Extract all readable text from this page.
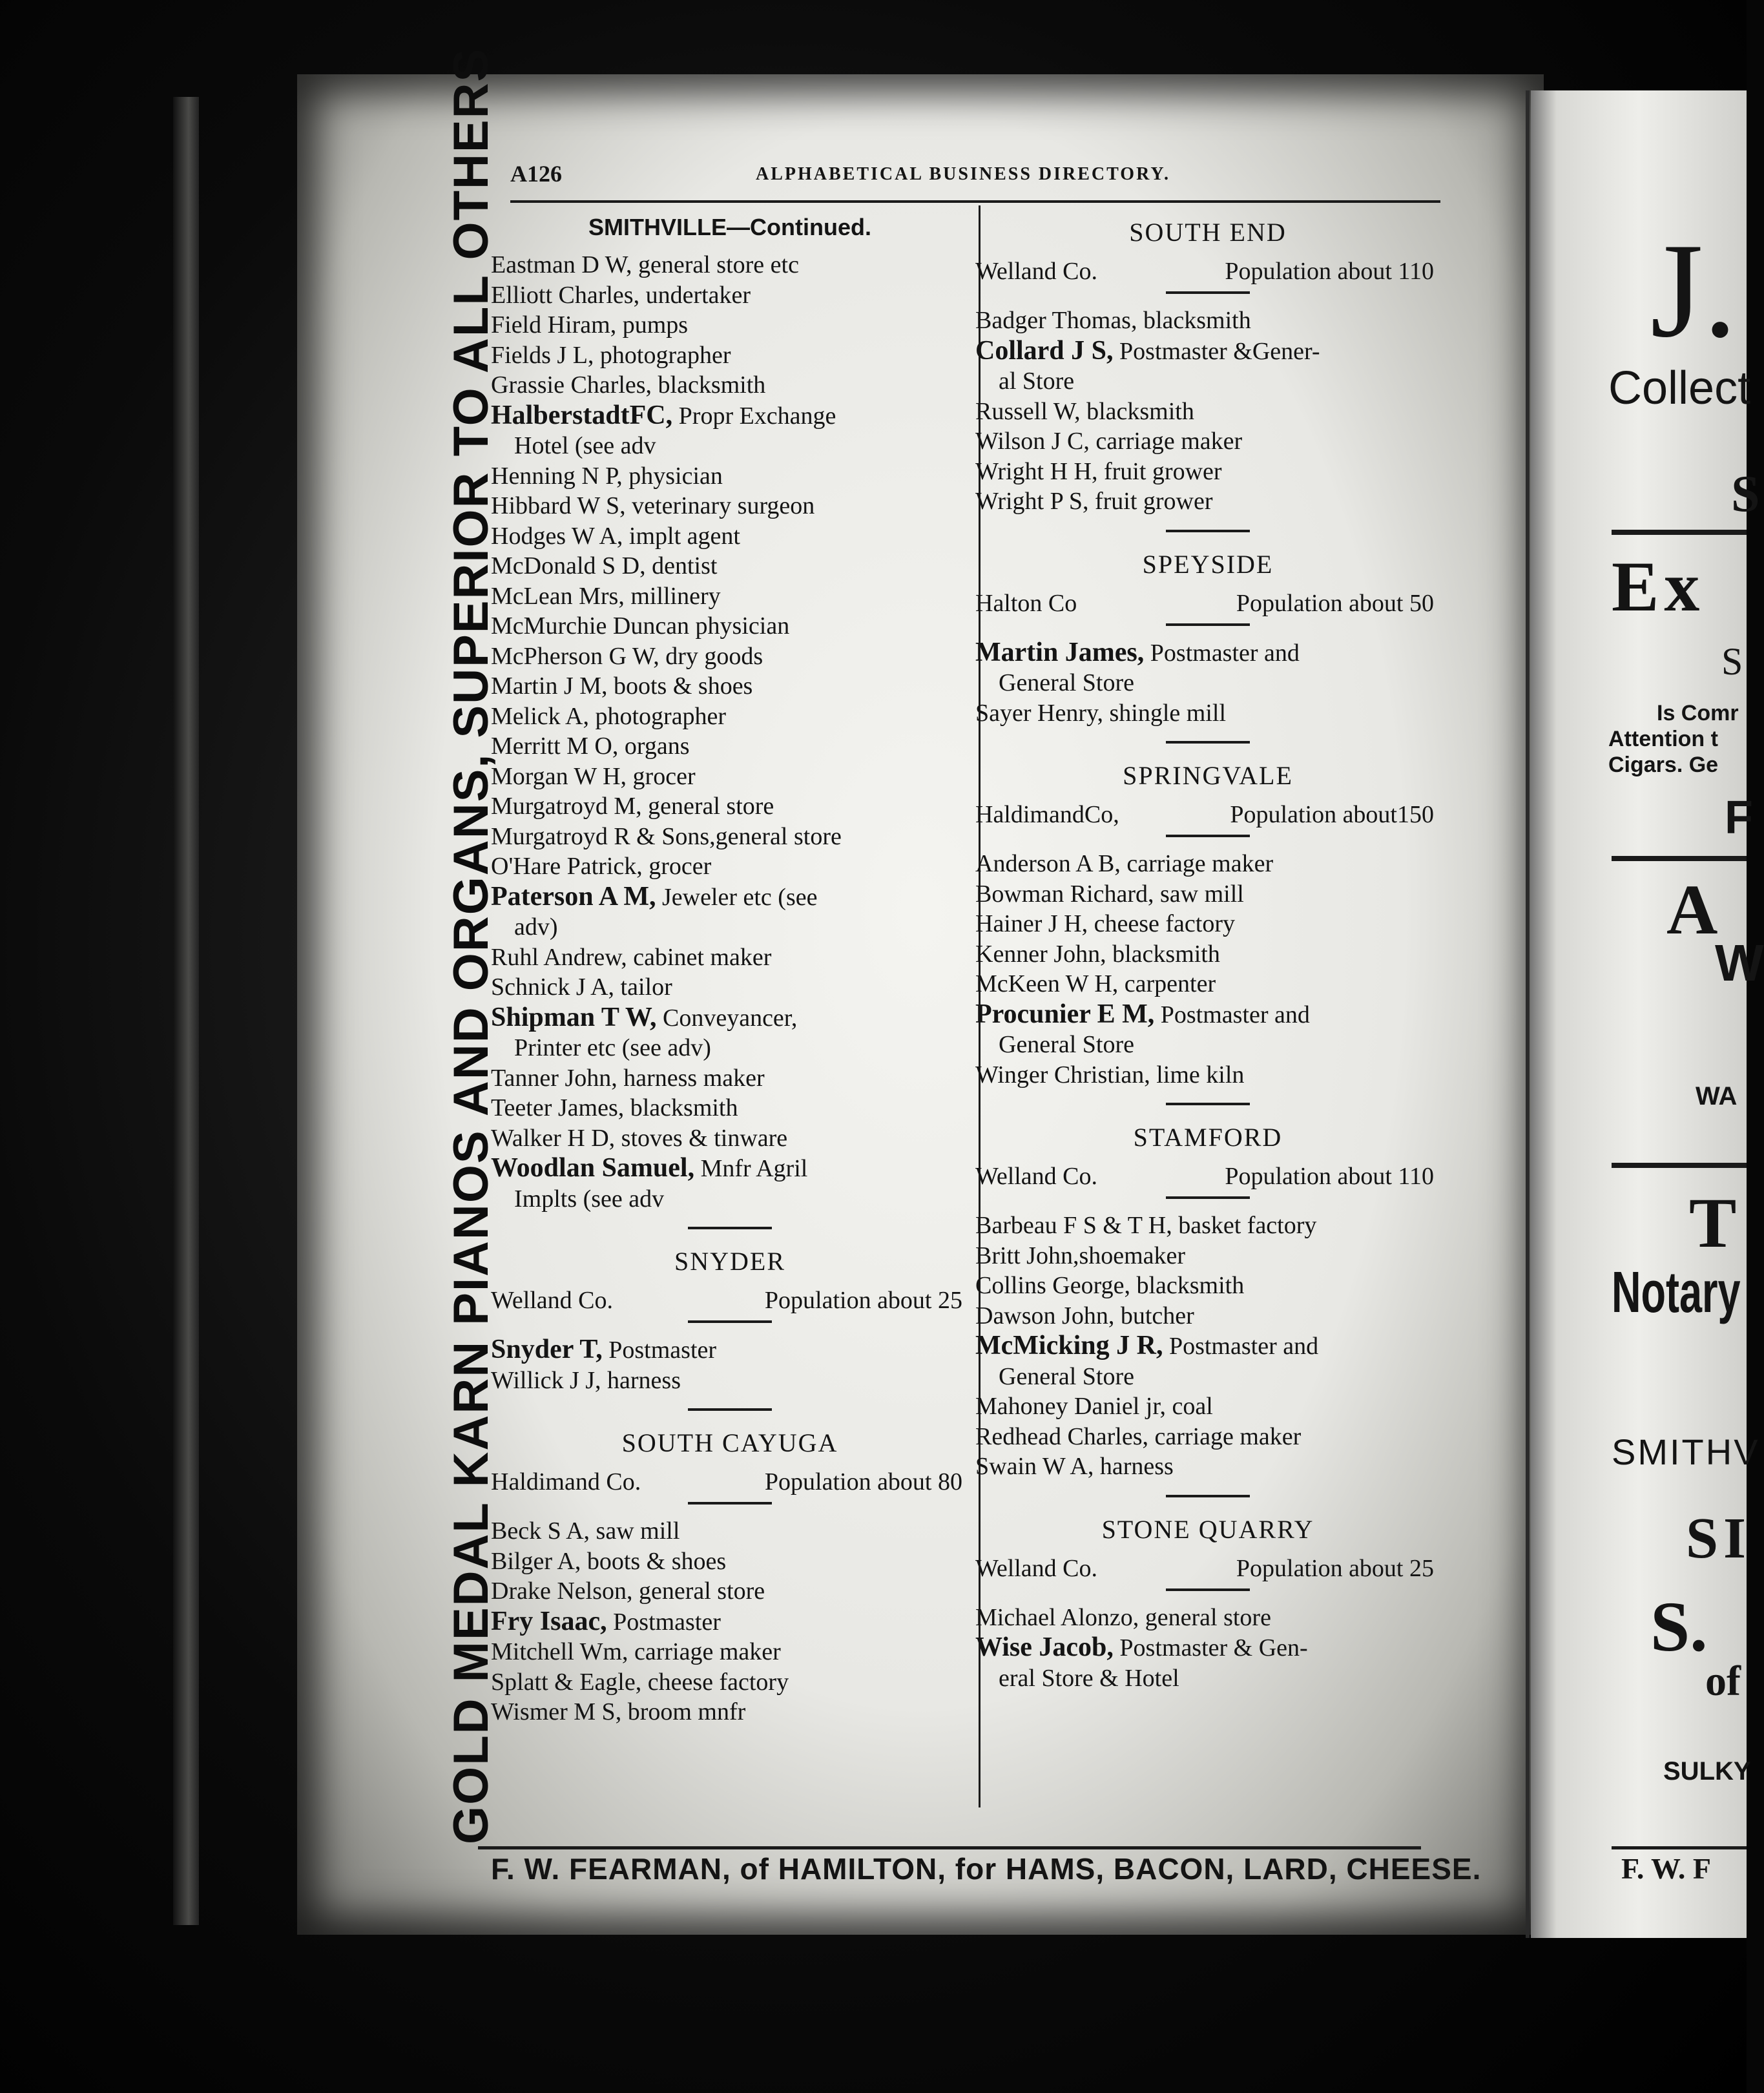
A126	ALPHABETICAL BUSINESS DIRECTORY.
GOLD MEDAL KARN PIANOS AND ORGANS, SUPERIOR TO ALL OTHERS	SMITHVILLE—Continued.
Eastman D W, general store etc
Elliott Charles, undertaker
Field Hiram, pumps
Fields J L, photographer
Grassie Charles, blacksmith
HalberstadtFC, Propr Exchange
Hotel (see adv
Henning N P, physician
Hibbard W S, veterinary surgeon
Hodges W A, implt agent
McDonald S D, dentist
McLean Mrs, millinery
McMurchie Duncan physician
McPherson G W, dry goods
Martin J M, boots & shoes
Melick A, photographer
Merritt M O, organs
Morgan W H, grocer
Murgatroyd M, general store
Murgatroyd R & Sons,general store
O'Hare Patrick, grocer
Paterson A M, Jeweler etc (see
adv)
Ruhl Andrew, cabinet maker
Schnick J A, tailor
Shipman T W, Conveyancer,
Printer etc (see adv)
Tanner John, harness maker
Teeter James, blacksmith
Walker H D, stoves & tinware
Woodlan Samuel, Mnfr Agril
Implts (see adv
SNYDER
Welland Co.	Population about 25
Snyder T, Postmaster
Willick J J, harness
SOUTH CAYUGA
Haldimand Co.	Population about 80
Beck S A, saw mill
Bilger A, boots & shoes
Drake Nelson, general store
Fry Isaac, Postmaster
Mitchell Wm, carriage maker
Splatt & Eagle, cheese factory
Wismer M S, broom mnfr
SOUTH END
Welland Co.	Population about 110
Badger Thomas, blacksmith
Collard J S, Postmaster &Gener-
al Store
Russell W, blacksmith
Wilson J C, carriage maker
Wright H H, fruit grower
Wright P S, fruit grower
SPEYSIDE
Halton Co	Population about 50
Martin James, Postmaster and
General Store
Sayer Henry, shingle mill
SPRINGVALE
HaldimandCo,	Population about150
Anderson A B, carriage maker
Bowman Richard, saw mill
Hainer J H, cheese factory
Kenner John, blacksmith
McKeen W H, carpenter
Procunier E M, Postmaster and
General Store
Winger Christian, lime kiln
STAMFORD
Welland Co.	Population about 110
Barbeau F S & T H, basket factory
Britt John,shoemaker
Collins George, blacksmith
Dawson John, butcher
McMicking J R, Postmaster and
General Store
Mahoney Daniel jr, coal
Redhead Charles, carriage maker
Swain W A, harness
STONE QUARRY
Welland Co.	Population about 25
Michael Alonzo, general store
Wise Jacob, Postmaster & Gen-
eral Store & Hotel
F. W. FEARMAN, of HAMILTON, for HAMS, BACON, LARD, CHEESE.
J.
Collect
S
Ex
S
Is Comr
Attention t
Cigars. Ge
F
A
W
WA
T
Notary
SMITHV
SI
S.
of
SULKY
F. W. F
